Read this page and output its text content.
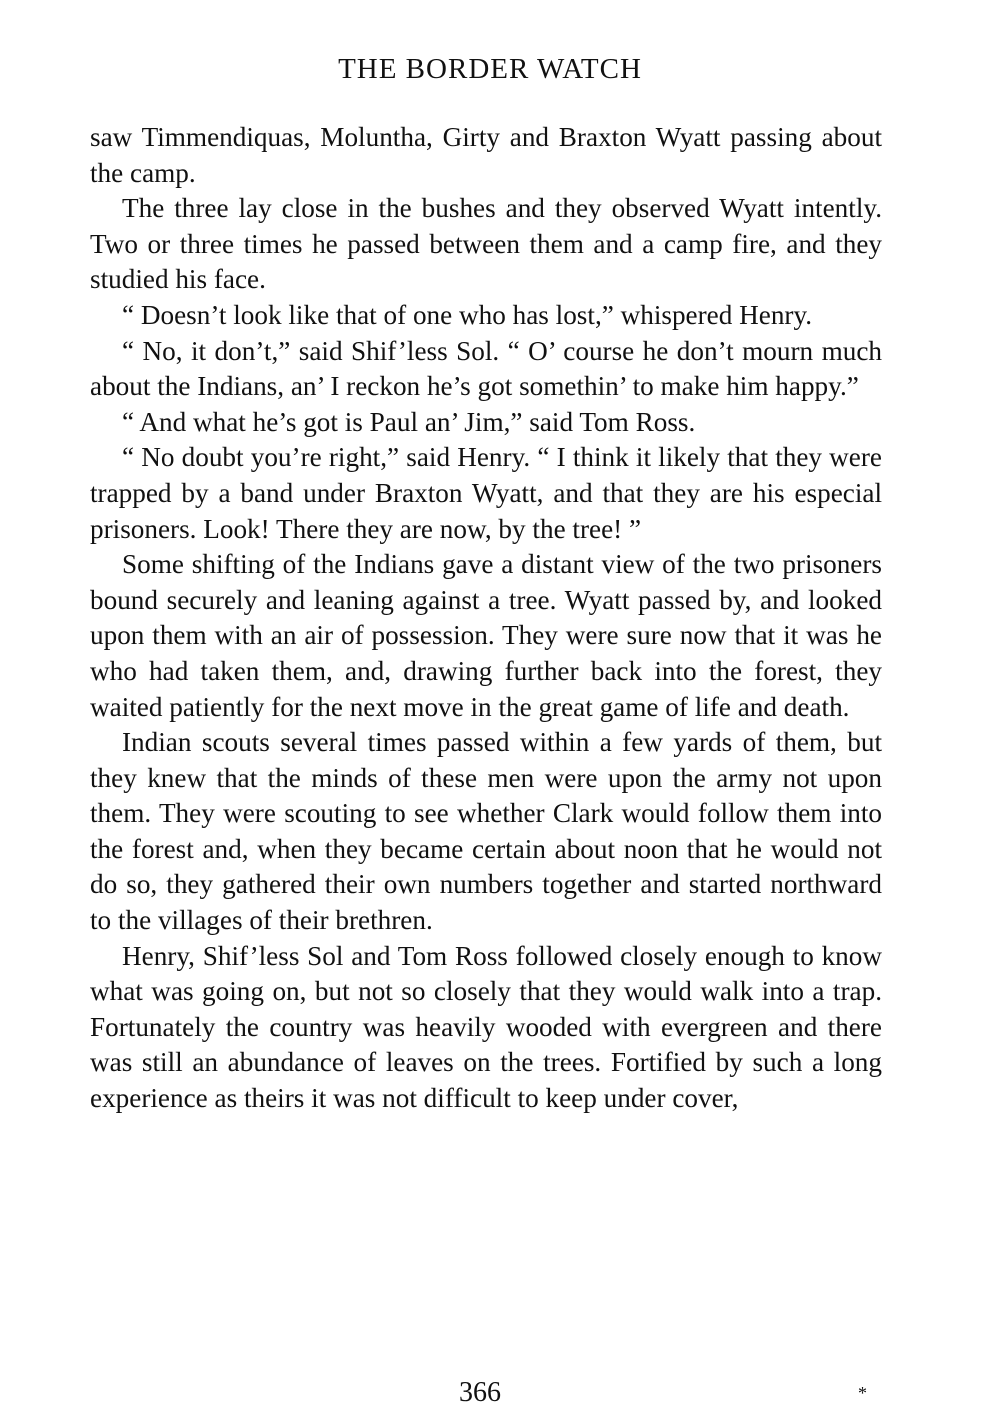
THE BORDER WATCH

saw Timmendiquas, Moluntha, Girty and Braxton Wyatt passing about the camp.

The three lay close in the bushes and they observed Wyatt intently. Two or three times he passed between them and a camp fire, and they studied his face.

“ Doesn’t look like that of one who has lost,” whispered Henry.

“ No, it don’t,” said Shif’less Sol. “ O’ course he don’t mourn much about the Indians, an’ I reckon he’s got somethin’ to make him happy.”

“ And what he’s got is Paul an’ Jim,” said Tom Ross.

“ No doubt you’re right,” said Henry. “ I think it likely that they were trapped by a band under Braxton Wyatt, and that they are his especial prisoners. Look! There they are now, by the tree! ”

Some shifting of the Indians gave a distant view of the two prisoners bound securely and leaning against a tree. Wyatt passed by, and looked upon them with an air of possession. They were sure now that it was he who had taken them, and, drawing further back into the forest, they waited patiently for the next move in the great game of life and death.

Indian scouts several times passed within a few yards of them, but they knew that the minds of these men were upon the army not upon them. They were scouting to see whether Clark would follow them into the forest and, when they became certain about noon that he would not do so, they gathered their own numbers together and started northward to the villages of their brethren.

Henry, Shif’less Sol and Tom Ross followed closely enough to know what was going on, but not so closely that they would walk into a trap. Fortunately the country was heavily wooded with evergreen and there was still an abundance of leaves on the trees. Fortified by such a long experience as theirs it was not difficult to keep under cover,

366	*
